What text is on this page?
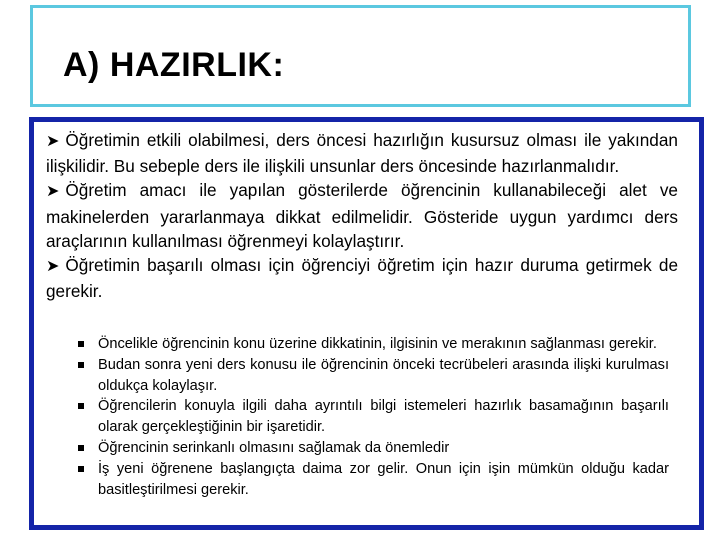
A) HAZIRLIK:

➤ Öğretimin etkili olabilmesi, ders öncesi hazırlığın kusursuz olması ile yakından ilişkilidir. Bu sebeple ders ile ilişkili unsunlar ders öncesinde hazırlanmalıdır.

➤ Öğretim amacı ile yapılan gösterilerde öğrencinin kullanabileceği alet ve makinelerden yararlanmaya dikkat edilmelidir. Gösteride uygun yardımcı ders araçlarının kullanılması öğrenmeyi kolaylaştırır.

➤ Öğretimin başarılı olması için öğrenciyi öğretim için hazır duruma getirmek de gerekir.

Öncelikle öğrencinin konu üzerine dikkatinin, ilgisinin ve merakının sağlanması gerekir.
Budan sonra yeni ders konusu ile öğrencinin önceki tecrübeleri arasında ilişki kurulması oldukça kolaylaşır.
Öğrencilerin konuyla ilgili daha ayrıntılı bilgi istemeleri hazırlık basamağının başarılı olarak gerçekleştiğinin bir işaretidir.
Öğrencinin serinkanlı olmasını sağlamak da önemledir
İş yeni öğrenene başlangıçta daima zor gelir. Onun için işin mümkün olduğu kadar basitleştirilmesi gerekir.
